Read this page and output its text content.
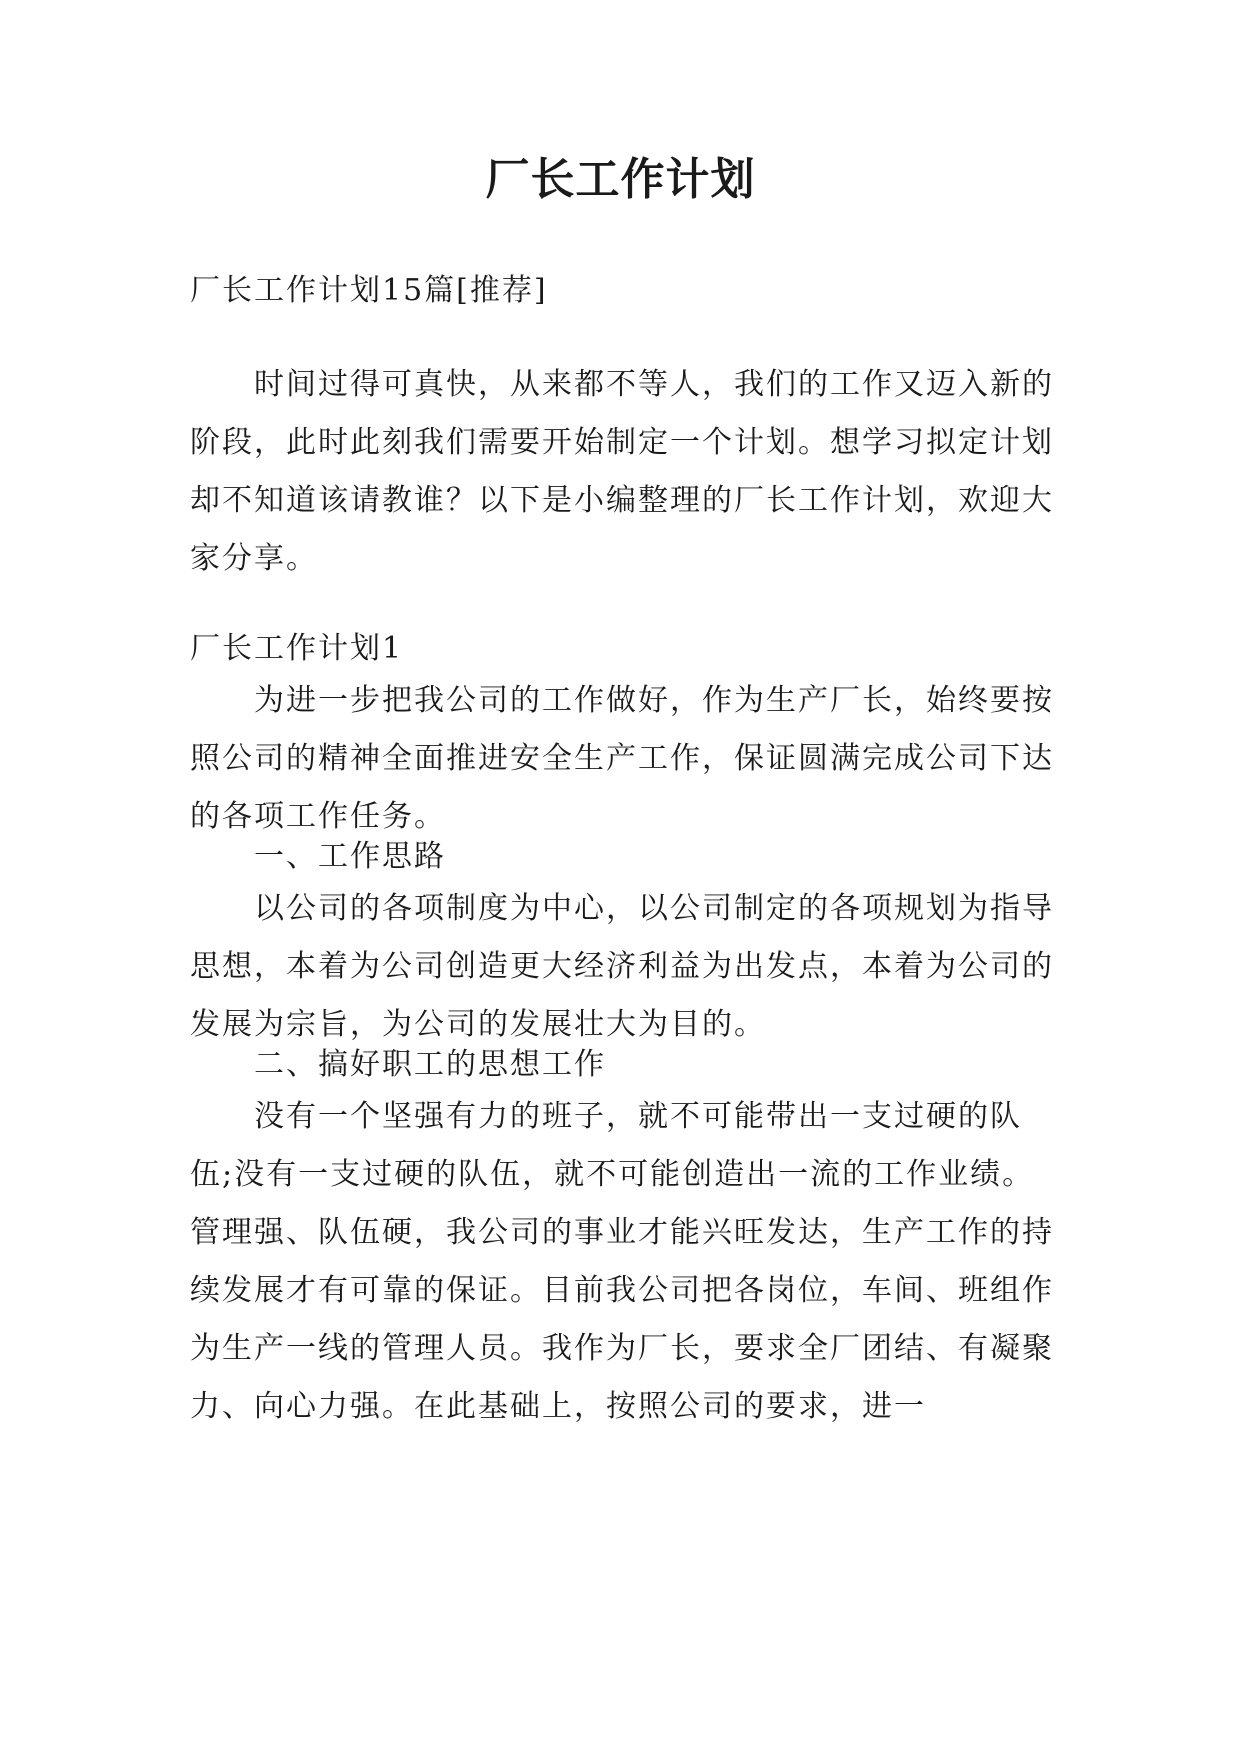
厂长工作计划

厂长工作计划15篇[推荐]

时间过得可真快，从来都不等人，我们的工作又迈入新的阶段，此时此刻我们需要开始制定一个计划。想学习拟定计划却不知道该请教谁？以下是小编整理的厂长工作计划，欢迎大家分享。

厂长工作计划1

为进一步把我公司的工作做好，作为生产厂长，始终要按照公司的精神全面推进安全生产工作，保证圆满完成公司下达的各项工作任务。

一、工作思路

以公司的各项制度为中心，以公司制定的各项规划为指导思想，本着为公司创造更大经济利益为出发点，本着为公司的发展为宗旨，为公司的发展壮大为目的。

二、搞好职工的思想工作

没有一个坚强有力的班子，就不可能带出一支过硬的队伍;没有一支过硬的队伍，就不可能创造出一流的工作业绩。管理强、队伍硬，我公司的事业才能兴旺发达，生产工作的持续发展才有可靠的保证。目前我公司把各岗位，车间、班组作为生产一线的管理人员。我作为厂长，要求全厂团结、有凝聚力、向心力强。在此基础上，按照公司的要求，进一
